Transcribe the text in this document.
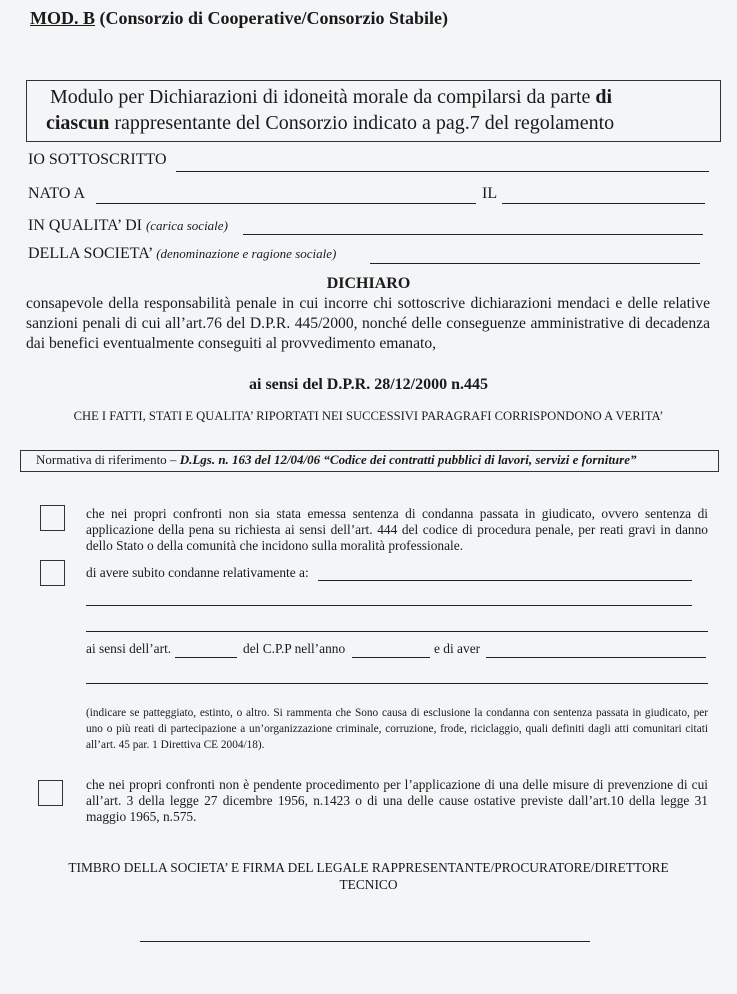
MOD. B (Consorzio di Cooperative/Consorzio Stabile)
Modulo per Dichiarazioni di idoneità morale da compilarsi da parte di
ciascun rappresentante del Consorzio indicato a pag.7 del regolamento
IO SOTTOSCRITTO
NATO A	IL
IN QUALITA’ DI (carica sociale)
DELLA SOCIETA’ (denominazione e ragione sociale)
DICHIARO
consapevole della responsabilità penale in cui incorre chi sottoscrive dichiarazioni mendaci e delle relative sanzioni penali di cui all’art.76 del D.P.R. 445/2000, nonché delle conseguenze amministrative di decadenza dai benefici eventualmente conseguiti al provvedimento emanato,
ai sensi del D.P.R. 28/12/2000 n.445
CHE I FATTI, STATI E QUALITA’ RIPORTATI NEI SUCCESSIVI PARAGRAFI CORRISPONDONO A VERITA’
Normativa di riferimento – D.Lgs. n. 163 del 12/04/06 “Codice dei contratti pubblici di lavori, servizi e forniture”
che nei propri confronti non sia stata emessa sentenza di condanna passata in giudicato, ovvero sentenza di applicazione della pena su richiesta ai sensi dell’art. 444 del codice di procedura penale, per reati gravi in danno dello Stato o della comunità che incidono sulla moralità professionale.
di avere subito condanne relativamente a:
ai sensi dell’art.	del C.P.P nell’anno	e di aver
(indicare se patteggiato, estinto, o altro. Si rammenta che Sono causa di esclusione la condanna con sentenza passata in giudicato, per uno o più reati di partecipazione a un’organizzazione criminale, corruzione, frode, riciclaggio, quali definiti dagli atti comunitari citati all’art. 45 par. 1 Direttiva CE 2004/18).
che nei propri confronti non è pendente procedimento per l’applicazione di una delle misure di prevenzione di cui all’art. 3 della legge 27 dicembre 1956, n.1423 o di una delle cause ostative previste dall’art.10 della legge 31 maggio 1965, n.575.
TIMBRO DELLA SOCIETA’ E FIRMA DEL LEGALE RAPPRESENTANTE/PROCURATORE/DIRETTORE
TECNICO
